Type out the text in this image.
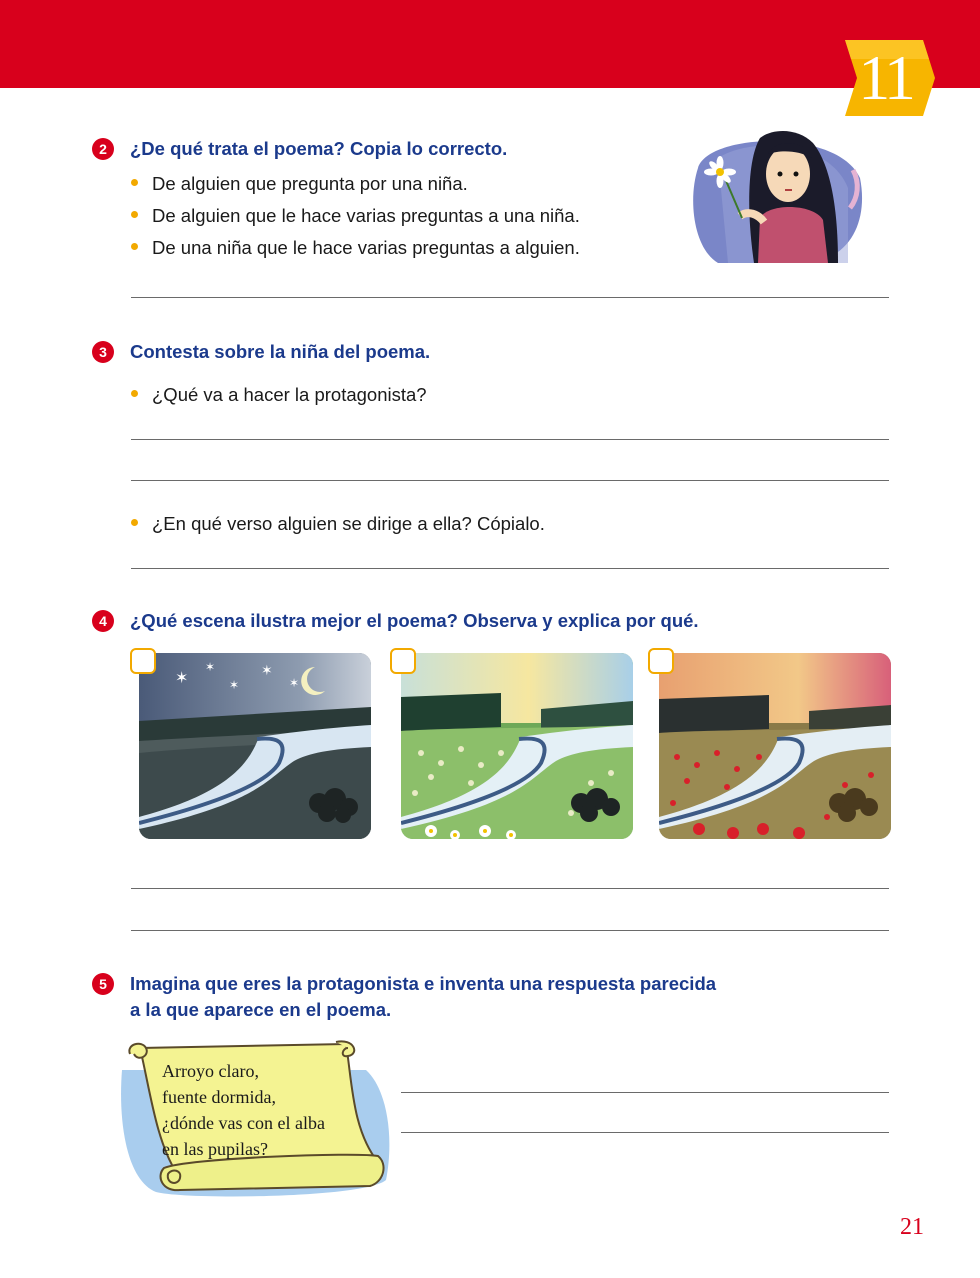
11
2	¿De qué trata el poema? Copia lo correcto.
De alguien que pregunta por una niña.
De alguien que le hace varias preguntas a una niña.
De una niña que le hace varias preguntas a alguien.
3	Contesta sobre la niña del poema.
¿Qué va a hacer la protagonista?
¿En qué verso alguien se dirige a ella? Cópialo.
4	¿Qué escena ilustra mejor el poema? Observa y explica por qué.
✶
✶
✶
✶
✶
5	Imagina que eres la protagonista e inventa una respuesta parecida
a la que aparece en el poema.
Arroyo claro,
fuente dormida,
¿dónde vas con el alba
en las pupilas?
21
